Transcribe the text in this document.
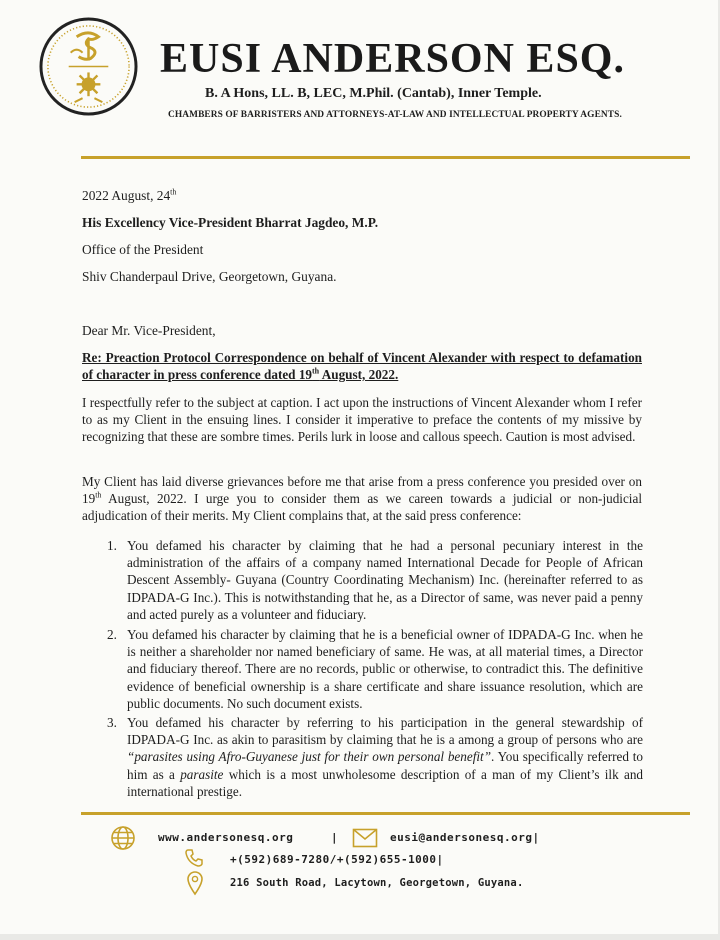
EUSI ANDERSON ESQ.
B. A Hons, LL. B, LEC, M.Phil. (Cantab), Inner Temple.
CHAMBERS OF BARRISTERS AND ATTORNEYS-AT-LAW AND INTELLECTUAL PROPERTY AGENTS.
2022 August, 24th
His Excellency Vice-President Bharrat Jagdeo, M.P.
Office of the President
Shiv Chanderpaul Drive, Georgetown, Guyana.
Dear Mr. Vice-President,
Re: Preaction Protocol Correspondence on behalf of Vincent Alexander with respect to defamation of character in press conference dated 19th August, 2022.
I respectfully refer to the subject at caption. I act upon the instructions of Vincent Alexander whom I refer to as my Client in the ensuing lines. I consider it imperative to preface the contents of my missive by recognizing that these are sombre times. Perils lurk in loose and callous speech. Caution is most advised.
My Client has laid diverse grievances before me that arise from a press conference you presided over on 19th August, 2022. I urge you to consider them as we careen towards a judicial or non-judicial adjudication of their merits. My Client complains that, at the said press conference:
1. You defamed his character by claiming that he had a personal pecuniary interest in the administration of the affairs of a company named International Decade for People of African Descent Assembly- Guyana (Country Coordinating Mechanism) Inc. (hereinafter referred to as IDPADA-G Inc.). This is notwithstanding that he, as a Director of same, was never paid a penny and acted purely as a volunteer and fiduciary.
2. You defamed his character by claiming that he is a beneficial owner of IDPADA-G Inc. when he is neither a shareholder nor named beneficiary of same. He was, at all material times, a Director and fiduciary thereof. There are no records, public or otherwise, to contradict this. The definitive evidence of beneficial ownership is a share certificate and share issuance resolution, which are public documents. No such document exists.
3. You defamed his character by referring to his participation in the general stewardship of IDPADA-G Inc. as akin to parasitism by claiming that he is a among a group of persons who are “parasites using Afro-Guyanese just for their own personal benefit”. You specifically referred to him as a parasite which is a most unwholesome description of a man of my Client’s ilk and international prestige.
www.andersonesq.org	|	eusi@andersonesq.org|
+(592)689-7280/+(592)655-1000|
216 South Road, Lacytown, Georgetown, Guyana.
